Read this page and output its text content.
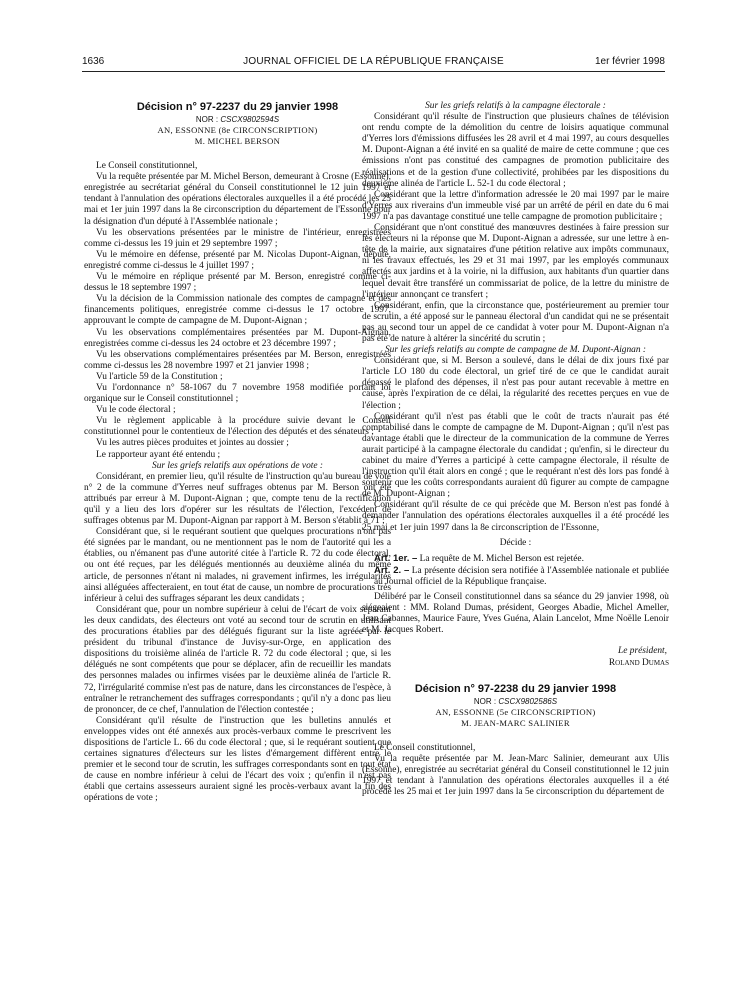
1636	JOURNAL OFFICIEL DE LA RÉPUBLIQUE FRANÇAISE	1er février 1998

Décision n° 97-2237 du 29 janvier 1998

NOR : CSCX9802594S

AN, ESSONNE (8e CIRCONSCRIPTION)

M. MICHEL BERSON

Le Conseil constitutionnel,

Vu la requête présentée par M. Michel Berson, demeurant à Crosne (Essonne), enregistrée au secrétariat général du Conseil constitutionnel le 12 juin 1997 et tendant à l'annulation des opérations électorales auxquelles il a été procédé les 25 mai et 1er juin 1997 dans la 8e circonscription du département de l'Essonne pour la désignation d'un député à l'Assemblée nationale ;

Vu les observations présentées par le ministre de l'intérieur, enregistrées comme ci-dessus les 19 juin et 29 septembre 1997 ;

Vu le mémoire en défense, présenté par M. Nicolas Dupont-Aignan, député, enregistré comme ci-dessus le 4 juillet 1997 ;

Vu le mémoire en réplique présenté par M. Berson, enregistré comme ci-dessus le 18 septembre 1997 ;

Vu la décision de la Commission nationale des comptes de campagne et des financements politiques, enregistrée comme ci-dessus le 17 octobre 1997, approuvant le compte de campagne de M. Dupont-Aignan ;

Vu les observations complémentaires présentées par M. Dupont-Aignan, enregistrées comme ci-dessus les 24 octobre et 23 décembre 1997 ;

Vu les observations complémentaires présentées par M. Berson, enregistrées comme ci-dessus les 28 novembre 1997 et 21 janvier 1998 ;

Vu l'article 59 de la Constitution ;

Vu l'ordonnance n° 58-1067 du 7 novembre 1958 modifiée portant loi organique sur le Conseil constitutionnel ;

Vu le code électoral ;

Vu le règlement applicable à la procédure suivie devant le Conseil constitutionnel pour le contentieux de l'élection des députés et des sénateurs ;

Vu les autres pièces produites et jointes au dossier ;

Le rapporteur ayant été entendu ;

Sur les griefs relatifs aux opérations de vote :

Considérant, en premier lieu, qu'il résulte de l'instruction qu'au bureau de vote n° 2 de la commune d'Yerres neuf suffrages obtenus par M. Berson ont été attribués par erreur à M. Dupont-Aignan ; que, compte tenu de la rectification qu'il y a lieu des lors d'opérer sur les résultats de l'élection, l'excédent de suffrages obtenus par M. Dupont-Aignan par rapport à M. Berson s'établit à 71 ;

Considérant que, si le requérant soutient que quelques procurations n'ont pas été signées par le mandant, ou ne mentionnent pas le nom de l'autorité qui les a établies, ou n'émanent pas d'une autorité citée à l'article R. 72 du code électoral, ou ont été reçues, par les délégués mentionnés au deuxième alinéa du même article, de personnes n'étant ni malades, ni gravement infirmes, les irrégularités ainsi alléguées affecteraient, en tout état de cause, un nombre de procurations très inférieur à celui des suffrages séparant les deux candidats ;

Considérant que, pour un nombre supérieur à celui de l'écart de voix séparant les deux candidats, des électeurs ont voté au second tour de scrutin en utilisant des procurations établies par des délégués figurant sur la liste agréée par le président du tribunal d'instance de Juvisy-sur-Orge, en application des dispositions du troisième alinéa de l'article R. 72 du code électoral ; que, si les délégués ne sont compétents que pour se déplacer, afin de recueillir les mandats des personnes malades ou infirmes visées par le deuxième alinéa de l'article R. 72, l'irrégularité commise n'est pas de nature, dans les circonstances de l'espèce, à entraîner le retranchement des suffrages correspondants ; qu'il n'y a donc pas lieu de prononcer, de ce chef, l'annulation de l'élection contestée ;

Considérant qu'il résulte de l'instruction que les bulletins annulés et enveloppes vides ont été annexés aux procès-verbaux comme le prescrivent les dispositions de l'article L. 66 du code électoral ; que, si le requérant soutient que certaines signatures d'électeurs sur les listes d'émargement diffèrent entre le premier et le second tour de scrutin, les suffrages correspondants sont en tout état de cause en nombre inférieur à celui de l'écart des voix ; qu'enfin il n'est pas établi que certains assesseurs auraient signé les procès-verbaux avant la fin des opérations de vote ;

Sur les griefs relatifs à la campagne électorale :

Considérant qu'il résulte de l'instruction que plusieurs chaînes de télévision ont rendu compte de la démolition du centre de loisirs aquatique communal d'Yerres lors d'émissions diffusées les 28 avril et 4 mai 1997, au cours desquelles M. Dupont-Aignan a été invité en sa qualité de maire de cette commune ; que ces émissions n'ont pas constitué des campagnes de promotion publicitaire des réalisations et de la gestion d'une collectivité, prohibées par les dispositions du deuxième alinéa de l'article L. 52-1 du code électoral ;

Considérant que la lettre d'information adressée le 20 mai 1997 par le maire d'Yerres aux riverains d'un immeuble visé par un arrêté de péril en date du 6 mai 1997 n'a pas davantage constitué une telle campagne de promotion publicitaire ;

Considérant que n'ont constitué des manœuvres destinées à faire pression sur les électeurs ni la réponse que M. Dupont-Aignan a adressée, sur une lettre à en-tête de la mairie, aux signataires d'une pétition relative aux impôts communaux, ni les travaux effectués, les 29 et 31 mai 1997, par les employés communaux affectés aux jardins et à la voirie, ni la diffusion, aux habitants d'un quartier dans lequel devait être transféré un commissariat de police, de la lettre du ministre de l'intérieur annonçant ce transfert ;

Considérant, enfin, que la circonstance que, postérieurement au premier tour de scrutin, a été apposé sur le panneau électoral d'un candidat qui ne se présentait pas au second tour un appel de ce candidat à voter pour M. Dupont-Aignan n'a pas été de nature à altérer la sincérité du scrutin ;

Sur les griefs relatifs au compte de campagne de M. Dupont-Aignan :

Considérant que, si M. Berson a soulevé, dans le délai de dix jours fixé par l'article LO 180 du code électoral, un grief tiré de ce que le candidat aurait dépassé le plafond des dépenses, il n'est pas pour autant recevable à mettre en cause, après l'expiration de ce délai, la régularité des recettes perçues en vue de l'élection ;

Considérant qu'il n'est pas établi que le coût de tracts n'aurait pas été comptabilisé dans le compte de campagne de M. Dupont-Aignan ; qu'il n'est pas davantage établi que le directeur de la communication de la commune de Yerres aurait participé à la campagne électorale du candidat ; qu'enfin, si le directeur du cabinet du maire d'Yerres a participé à cette campagne électorale, il résulte de l'instruction qu'il était alors en congé ; que le requérant n'est dès lors pas fondé à soutenir que les coûts correspondants auraient dû figurer au compte de campagne de M. Dupont-Aignan ;

Considérant qu'il résulte de ce qui précède que M. Berson n'est pas fondé à demander l'annulation des opérations électorales auxquelles il a été procédé les 25 mai et 1er juin 1997 dans la 8e circonscription de l'Essonne,

Décide :

Art. 1er. – La requête de M. Michel Berson est rejetée.

Art. 2. – La présente décision sera notifiée à l'Assemblée nationale et publiée au Journal officiel de la République française.

Délibéré par le Conseil constitutionnel dans sa séance du 29 janvier 1998, où siégeaient : MM. Roland Dumas, président, Georges Abadie, Michel Ameller, Jean Cabannes, Maurice Faure, Yves Guéna, Alain Lancelot, Mme Noëlle Lenoir et M. Jacques Robert.

Le président,
Roland Dumas

Décision n° 97-2238 du 29 janvier 1998

NOR : CSCX9802586S

AN, ESSONNE (5e CIRCONSCRIPTION)

M. JEAN-MARC SALINIER

Le Conseil constitutionnel,

Vu la requête présentée par M. Jean-Marc Salinier, demeurant aux Ulis (Essonne), enregistrée au secrétariat général du Conseil constitutionnel le 12 juin 1997 et tendant à l'annulation des opérations électorales auxquelles il a été procédé les 25 mai et 1er juin 1997 dans la 5e circonscription du département de
